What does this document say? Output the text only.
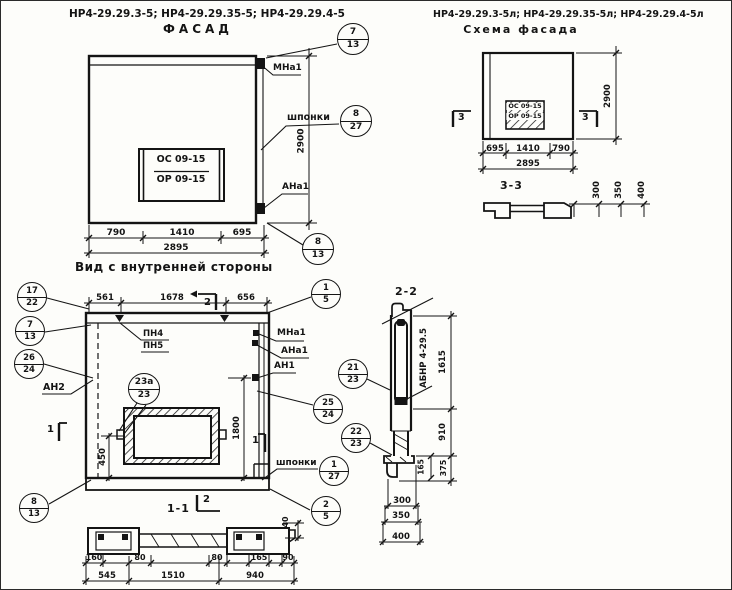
НР4-29.29.3-5; НР4-29.29.35-5; НР4-29.29.4-5
ФАСАД
ОС 09-15
ОР 09-15
МНа1
шпонки
АНа1
790	1410	695
2895
2900
$\frac{7}{13}$
$\frac{8}{27}$
$\frac{8}{13}$
НР4-29.29.3-5л; НР4-29.29.35-5л; НР4-29.29.4-5л
Схема фасада
ОС 09-15
ОР 09-15
3	3
695 1410 790
2895
2900
3-3	300 350 400
Вид с внутренней стороны
561	1678	656
2
ПН4
ПН5
МНа1
АНа1
АН1
АН2
шпонки
450
1800
1
1
$\frac{17}{22}$
$\frac{7}{13}$
$\frac{26}{24}$
$\frac{1}{5}$
23а
23
$\frac{21}{23}$
$\frac{25}{24}$
$\frac{22}{23}$
$\frac{1}{27}$
$\frac{2}{5}$
$\frac{8}{13}$	1-1
2
160	80	80	165 90
545	1510	940
40
2-2
АБНР 4-29.5 1615
910
375
165
300
350
400
